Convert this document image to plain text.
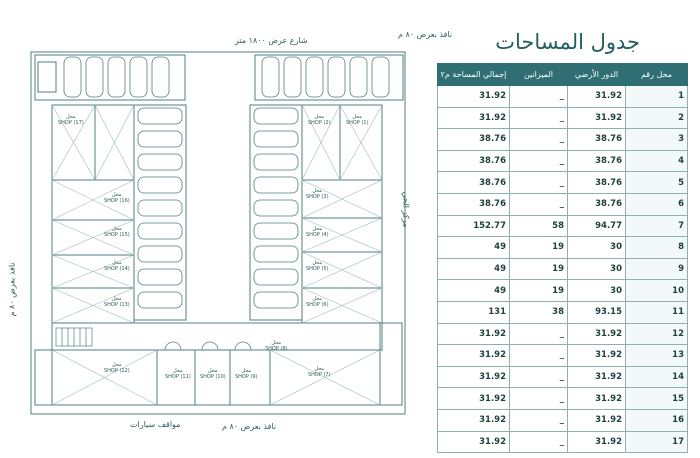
شارع عرض ١٨٠٠ متر
نافذ بعرض ٨٠ م
نافذ بعرض ٨٠ م
مواقف سيارات
نافذ بعرض ٨٠ م
مركز الحي
محل
SHOP (17)
محل
SHOP (2)
محل
SHOP (1)
محل
SHOP (16)
محل
SHOP (3)
محل
SHOP (15)
محل
SHOP (4)
محل
SHOP (14)
محل
SHOP (5)
محل
SHOP (13)
محل
SHOP (6)
محل
SHOP (12)	محل
SHOP (11)
محل
SHOP (10)
محل
SHOP (9)
محل
SHOP (8)
محل
SHOP (7)
جدول المساحات
إجمالي المساحة م٢	الميزانين	الدور الأرضي	محل رقم
31.92	_	31.92	1
31.92	_	31.92	2
38.76	_	38.76	3
38.76	_	38.76	4
38.76	_	38.76	5
38.76	_	38.76	6
152.77	58	94.77	7
49	19	30	8
49	19	30	9
49	19	30	10
131	38	93.15	11
31.92	_	31.92	12
31.92	_	31.92	13
31.92	_	31.92	14
31.92	_	31.92	15
31.92	_	31.92	16
31.92	_	31.92	17
